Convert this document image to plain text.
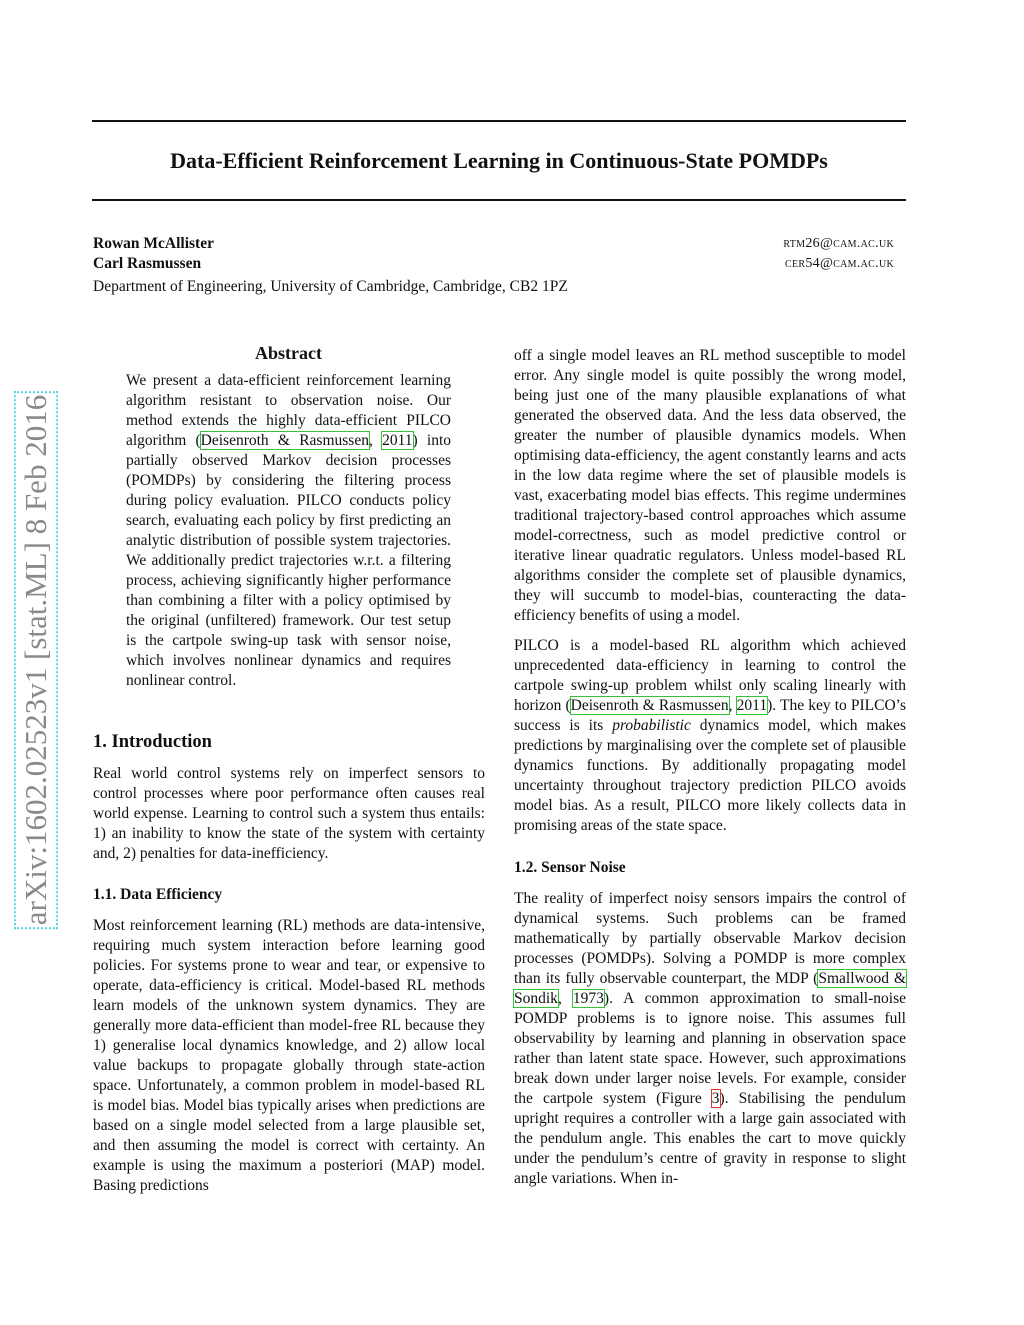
Data-Efficient Reinforcement Learning in Continuous-State POMDPs
Rowan McAllister	rtm26@cam.ac.uk
Carl Rasmussen	cer54@cam.ac.uk
Department of Engineering, University of Cambridge, Cambridge, CB2 1PZ
arXiv:1602.02523v1 [stat.ML] 8 Feb 2016
Abstract

We present a data-efficient reinforcement learning algorithm resistant to observation noise. Our method extends the highly data-efficient PILCO algorithm (Deisenroth & Rasmussen, 2011) into partially observed Markov decision processes (POMDPs) by considering the filtering process during policy evaluation. PILCO conducts policy search, evaluating each policy by first predicting an analytic distribution of possible system trajectories. We additionally predict trajectories w.r.t. a filtering process, achieving significantly higher performance than combining a filter with a policy optimised by the original (unfiltered) framework. Our test setup is the cartpole swing-up task with sensor noise, which involves nonlinear dynamics and requires nonlinear control.

1. Introduction

Real world control systems rely on imperfect sensors to control processes where poor performance often causes real world expense. Learning to control such a system thus entails: 1) an inability to know the state of the system with certainty and, 2) penalties for data-inefficiency.

1.1. Data Efficiency

Most reinforcement learning (RL) methods are data-intensive, requiring much system interaction before learning good policies. For systems prone to wear and tear, or expensive to operate, data-efficiency is critical. Model-based RL methods learn models of the unknown system dynamics. They are generally more data-efficient than model-free RL because they 1) generalise local dynamics knowledge, and 2) allow local value backups to propagate globally through state-action space. Unfortunately, a common problem in model-based RL is model bias. Model bias typically arises when predictions are based on a single model selected from a large plausible set, and then assuming the model is correct with certainty. An example is using the maximum a posteriori (MAP) model. Basing predictions

off a single model leaves an RL method susceptible to model error. Any single model is quite possibly the wrong model, being just one of the many plausible explanations of what generated the observed data. And the less data observed, the greater the number of plausible dynamics models. When optimising data-efficiency, the agent constantly learns and acts in the low data regime where the set of plausible models is vast, exacerbating model bias effects. This regime undermines traditional trajectory-based control approaches which assume model-correctness, such as model predictive control or iterative linear quadratic regulators. Unless model-based RL algorithms consider the complete set of plausible dynamics, they will succumb to model-bias, counteracting the data-efficiency benefits of using a model.

PILCO is a model-based RL algorithm which achieved unprecedented data-efficiency in learning to control the cartpole swing-up problem whilst only scaling linearly with horizon (Deisenroth & Rasmussen, 2011). The key to PILCO’s success is its probabilistic dynamics model, which makes predictions by marginalising over the complete set of plausible dynamics functions. By additionally propagating model uncertainty throughout trajectory prediction PILCO avoids model bias. As a result, PILCO more likely collects data in promising areas of the state space.

1.2. Sensor Noise

The reality of imperfect noisy sensors impairs the control of dynamical systems. Such problems can be framed mathematically by partially observable Markov decision processes (POMDPs). Solving a POMDP is more complex than its fully observable counterpart, the MDP (Smallwood & Sondik, 1973). A common approximation to small-noise POMDP problems is to ignore noise. This assumes full observability by learning and planning in observation space rather than latent state space. However, such approximations break down under larger noise levels. For example, consider the cartpole system (Figure 3). Stabilising the pendulum upright requires a controller with a large gain associated with the pendulum angle. This enables the cart to move quickly under the pendulum’s centre of gravity in response to slight angle variations. When in-
